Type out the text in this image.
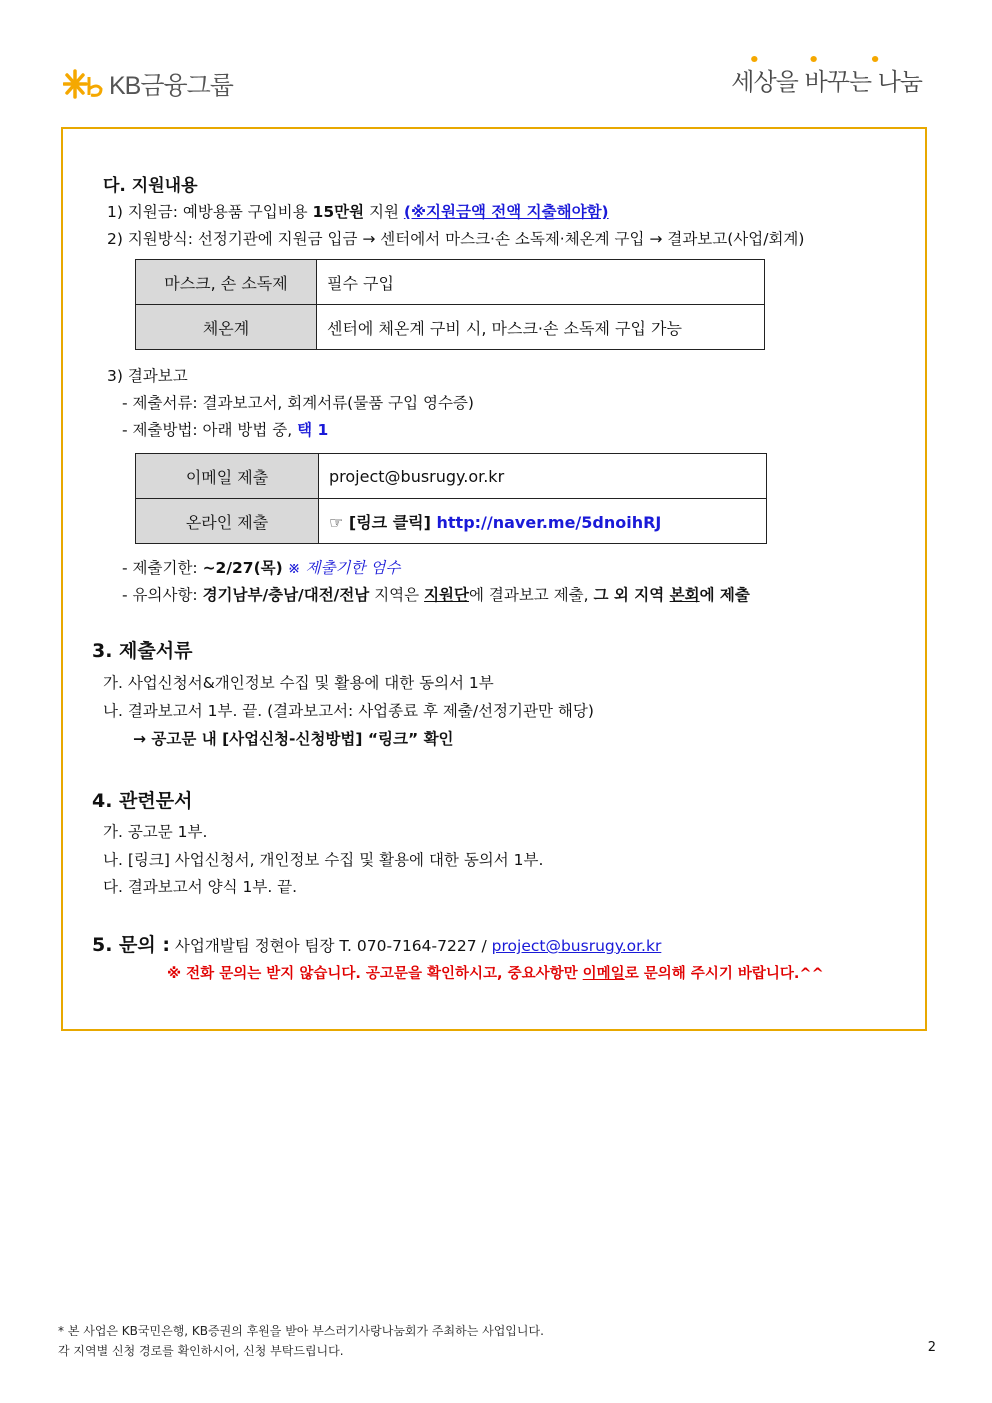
KB금융그룹	세상을 바꾸는 나눔
다. 지원내용
1) 지원금: 예방용품 구입비용 15만원 지원 (※지원금액 전액 지출해야함)
2) 지원방식: 선정기관에 지원금 입금 → 센터에서 마스크·손 소독제·체온계 구입 → 결과보고(사업/회계)
마스크, 손 소독제	필수 구입
체온계	센터에 체온계 구비 시, 마스크·손 소독제 구입 가능
3) 결과보고
- 제출서류: 결과보고서, 회계서류(물품 구입 영수증)
- 제출방법: 아래 방법 중, 택 1
이메일 제출	project@busrugy.or.kr
온라인 제출	☞ [링크 클릭] http://naver.me/5dnoihRJ
- 제출기한: ~2/27(목) ※ 제출기한 엄수
- 유의사항: 경기남부/충남/대전/전남 지역은 지원단에 결과보고 제출, 그 외 지역 본회에 제출
3. 제출서류
가. 사업신청서&개인정보 수집 및 활용에 대한 동의서 1부
나. 결과보고서 1부. 끝. (결과보고서: 사업종료 후 제출/선정기관만 해당)
→ 공고문 내 [사업신청-신청방법] “링크” 확인
4. 관련문서
가. 공고문 1부.
나. [링크] 사업신청서, 개인정보 수집 및 활용에 대한 동의서 1부.
다. 결과보고서 양식 1부. 끝.
5. 문의 : 사업개발팀 정현아 팀장 T. 070-7164-7227 / project@busrugy.or.kr
※ 전화 문의는 받지 않습니다. 공고문을 확인하시고, 중요사항만 이메일로 문의해 주시기 바랍니다.^^
* 본 사업은 KB국민은행, KB증권의 후원을 받아 부스러기사랑나눔회가 주최하는 사업입니다.
각 지역별 신청 경로를 확인하시어, 신청 부탁드립니다.	2
